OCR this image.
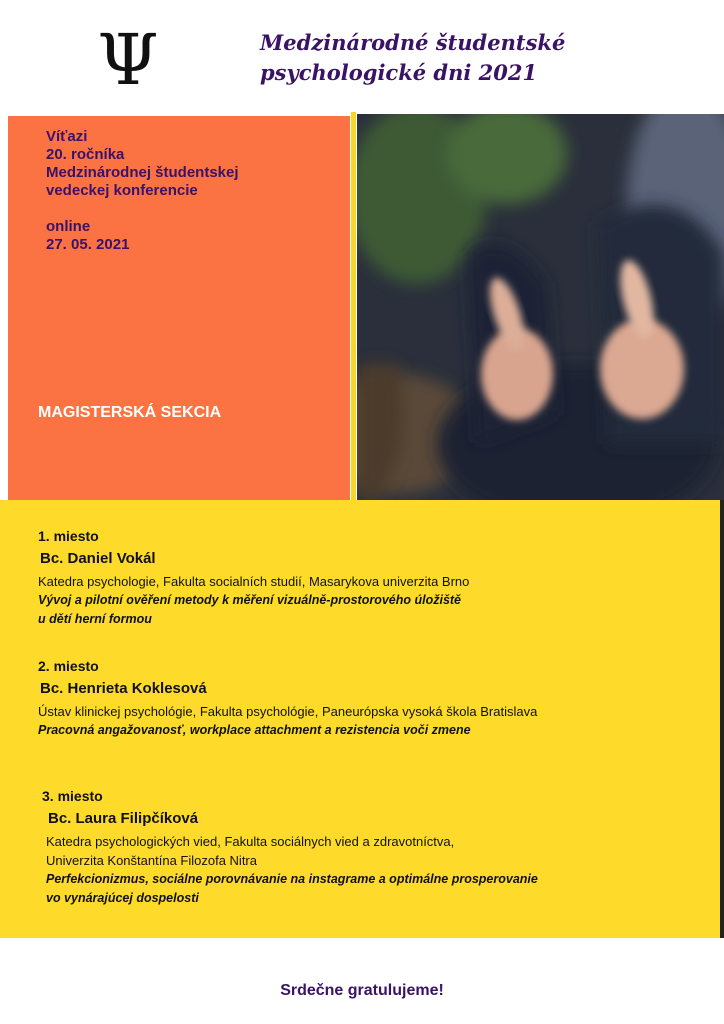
Ψ	Medzinárodné študentské
psychologické dni 2021
Víťazi
20. ročníka
Medzinárodnej študentskej
vedeckej konferencie
online
27. 05. 2021
MAGISTERSKÁ SEKCIA
1. miesto
Bc. Daniel Vokál
Katedra psychologie, Fakulta socialních studií, Masarykova univerzita Brno
Vývoj a pilotní ověření metody k měření vizuálně-prostorového úložiště
u dětí herní formou
2. miesto
Bc. Henrieta Koklesová
Ústav klinickej psychológie, Fakulta psychológie, Paneurópska vysoká škola Bratislava
Pracovná angažovanosť, workplace attachment a rezistencia voči zmene
3. miesto
Bc. Laura Filipčíková
Katedra psychologických vied, Fakulta sociálnych vied a zdravotníctva,
Univerzita Konštantína Filozofa Nitra
Perfekcionizmus, sociálne porovnávanie na instagrame a optimálne prosperovanie
vo vynárajúcej dospelosti
Srdečne gratulujeme!
